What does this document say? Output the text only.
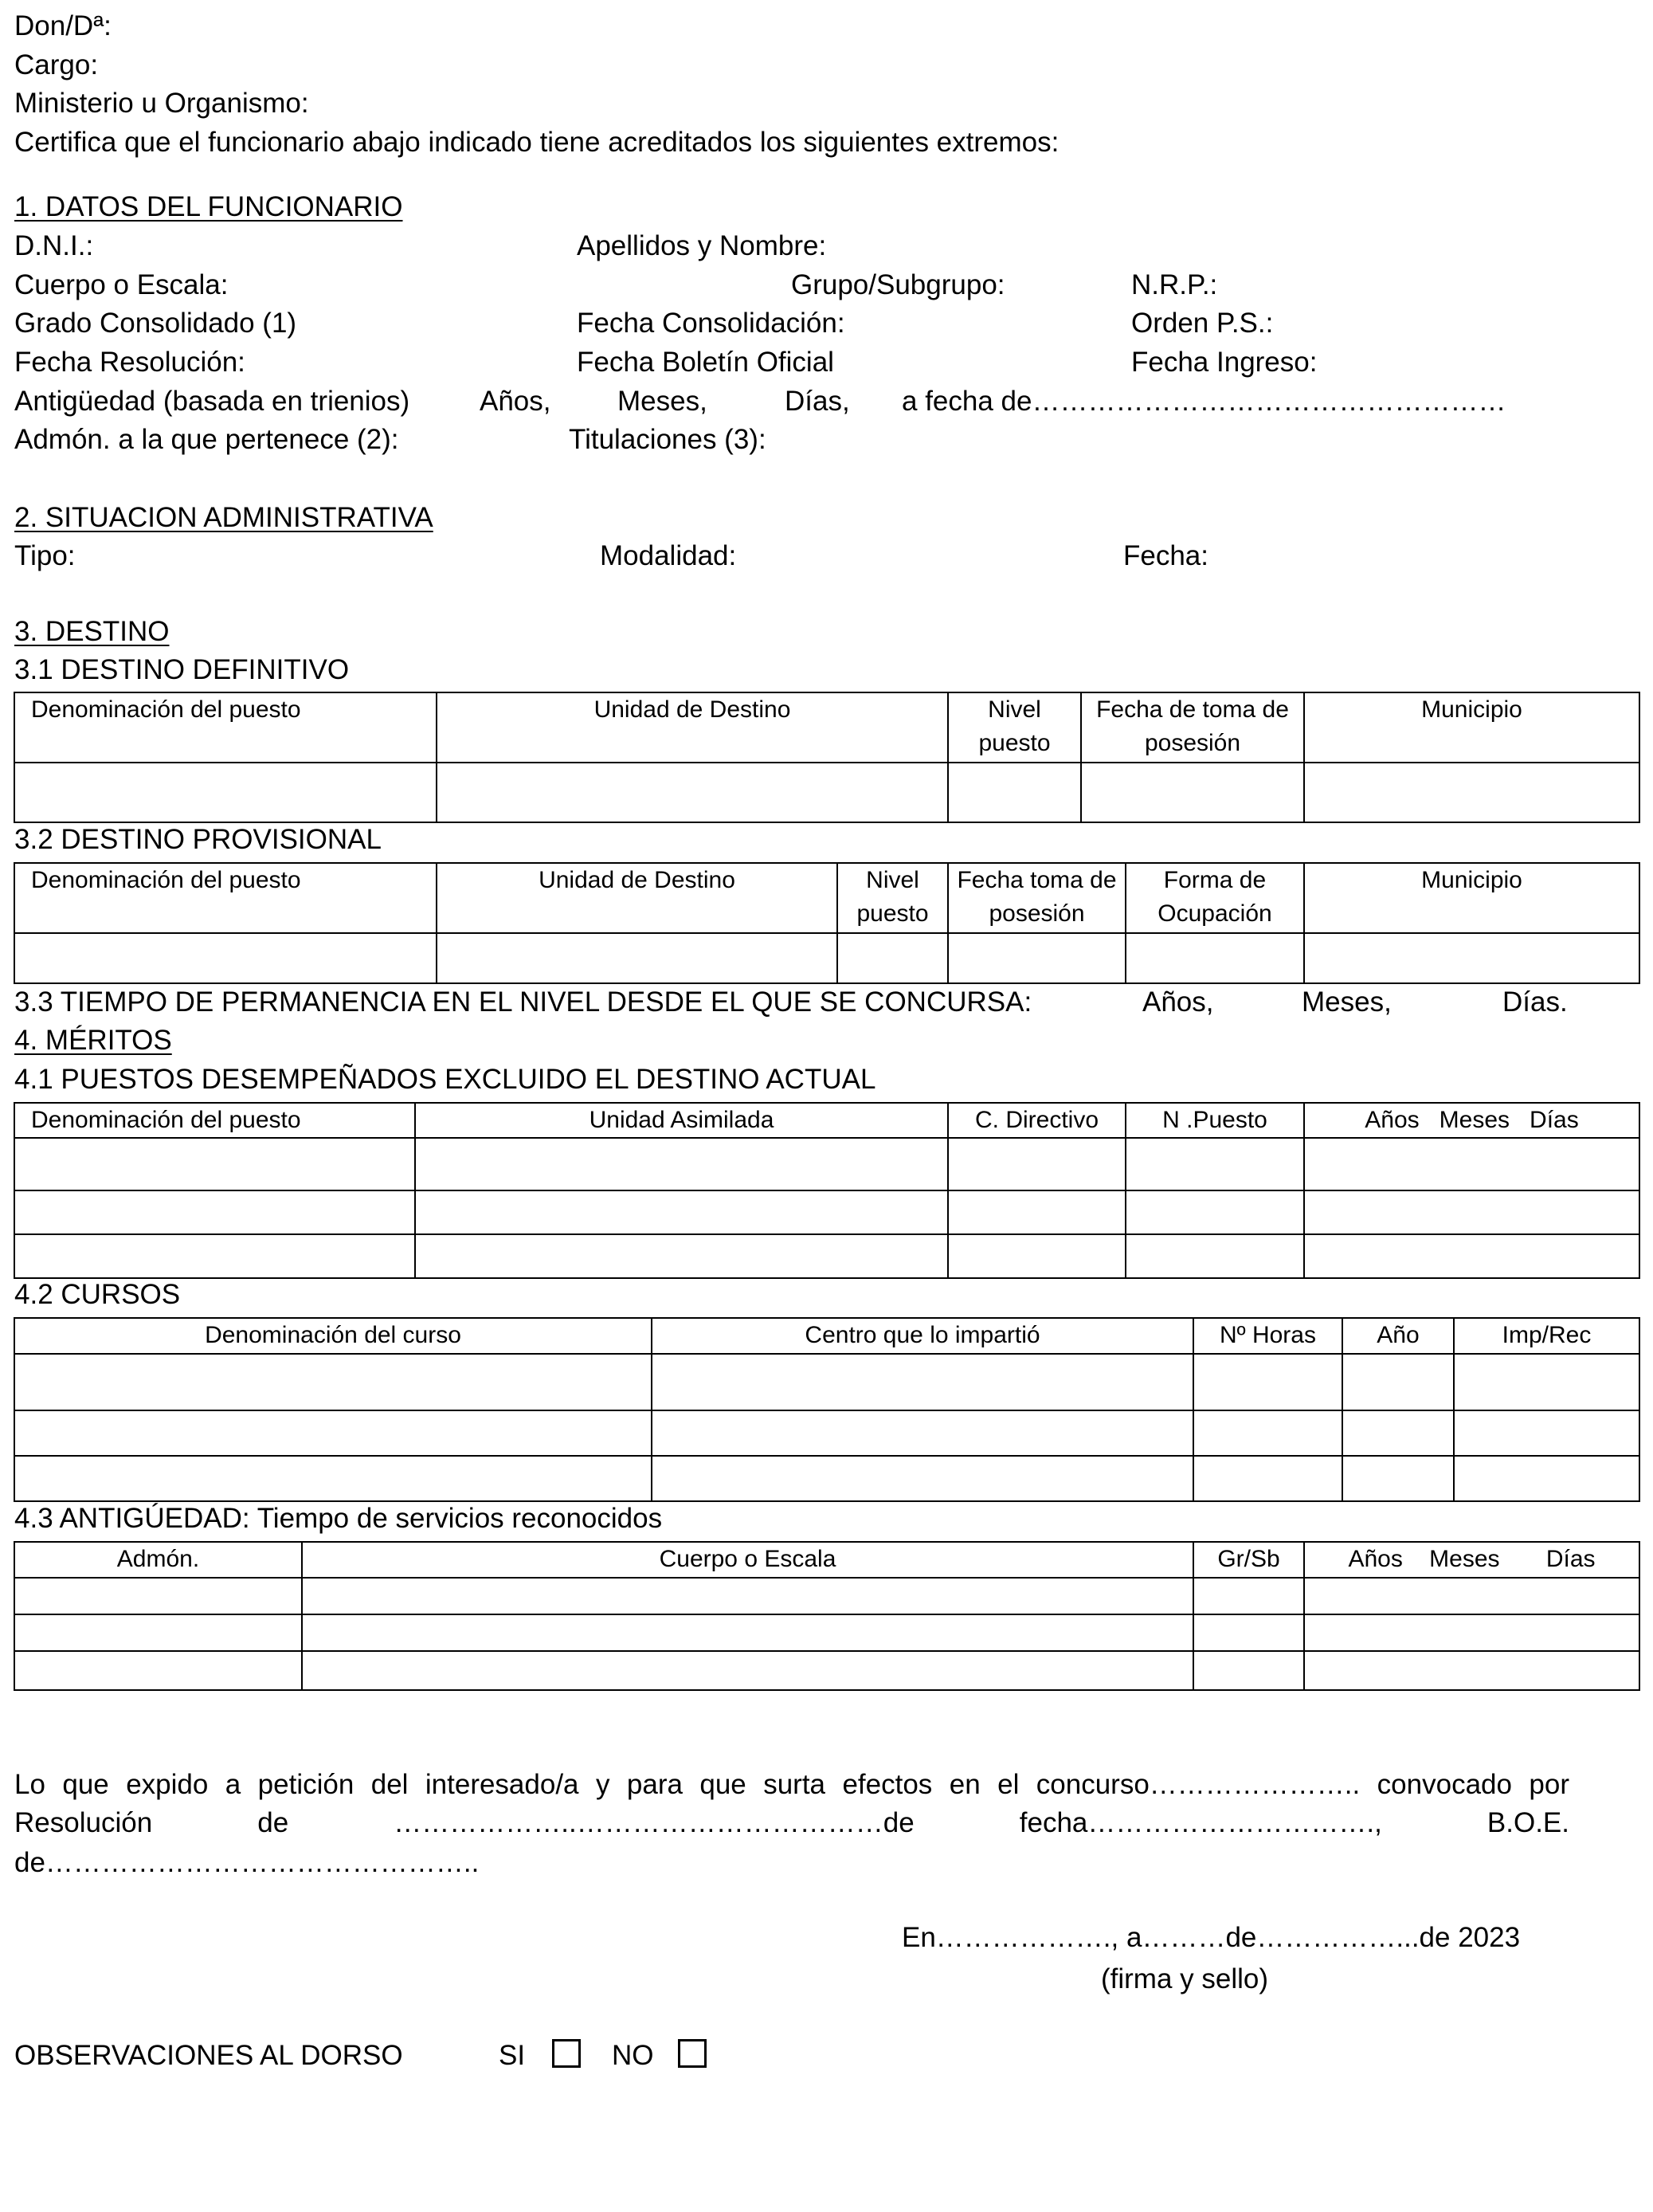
Don/Dª:
Cargo:
Ministerio u Organismo:
Certifica que el funcionario abajo indicado tiene acreditados los siguientes extremos:
1. DATOS DEL FUNCIONARIO
D.N.I.:	Apellidos y Nombre:
Cuerpo o Escala:	Grupo/Subgrupo:	N.R.P.:
Grado Consolidado (1)	Fecha Consolidación:	Orden P.S.:
Fecha Resolución:	Fecha Boletín Oficial	Fecha Ingreso:
Antigüedad (basada en trienios)	Años, Meses,	Días, a fecha de……………………………………………
Admón. a la que pertenece (2):	Titulaciones (3):
2. SITUACION ADMINISTRATIVA
Tipo:	Modalidad:	Fecha:
3. DESTINO
3.1 DESTINO DEFINITIVO
Denominación del puesto	Unidad de Destino	Nivel puesto	Fecha de toma de posesión	Municipio

3.2 DESTINO PROVISIONAL
Denominación del puesto	Unidad de Destino	Nivel puesto	Fecha toma de posesión	Forma de Ocupación	Municipio

3.3 TIEMPO DE PERMANENCIA EN EL NIVEL DESDE EL QUE SE CONCURSA:	Años,	Meses,	Días.
4. MÉRITOS
4.1 PUESTOS DESEMPEÑADOS EXCLUIDO EL DESTINO ACTUAL
Denominación del puesto	Unidad Asimilada	C. Directivo	N .Puesto	Años   Meses   Días

4.2 CURSOS
Denominación del curso	Centro que lo impartió	Nº Horas	Año	Imp/Rec

4.3 ANTIGÚEDAD: Tiempo de servicios reconocidos
Admón.	Cuerpo o Escala	Gr/Sb	Años    Meses       Días

Lo que expido a petición del interesado/a y para que surta efectos en el concurso………………….. convocado por
Resolución de ………………..……………………………de fecha…………………………., B.O.E.
de………………………………………..
En………………., a………de……………...de 2023
(firma y sello)
OBSERVACIONES AL DORSO	SI	NO
